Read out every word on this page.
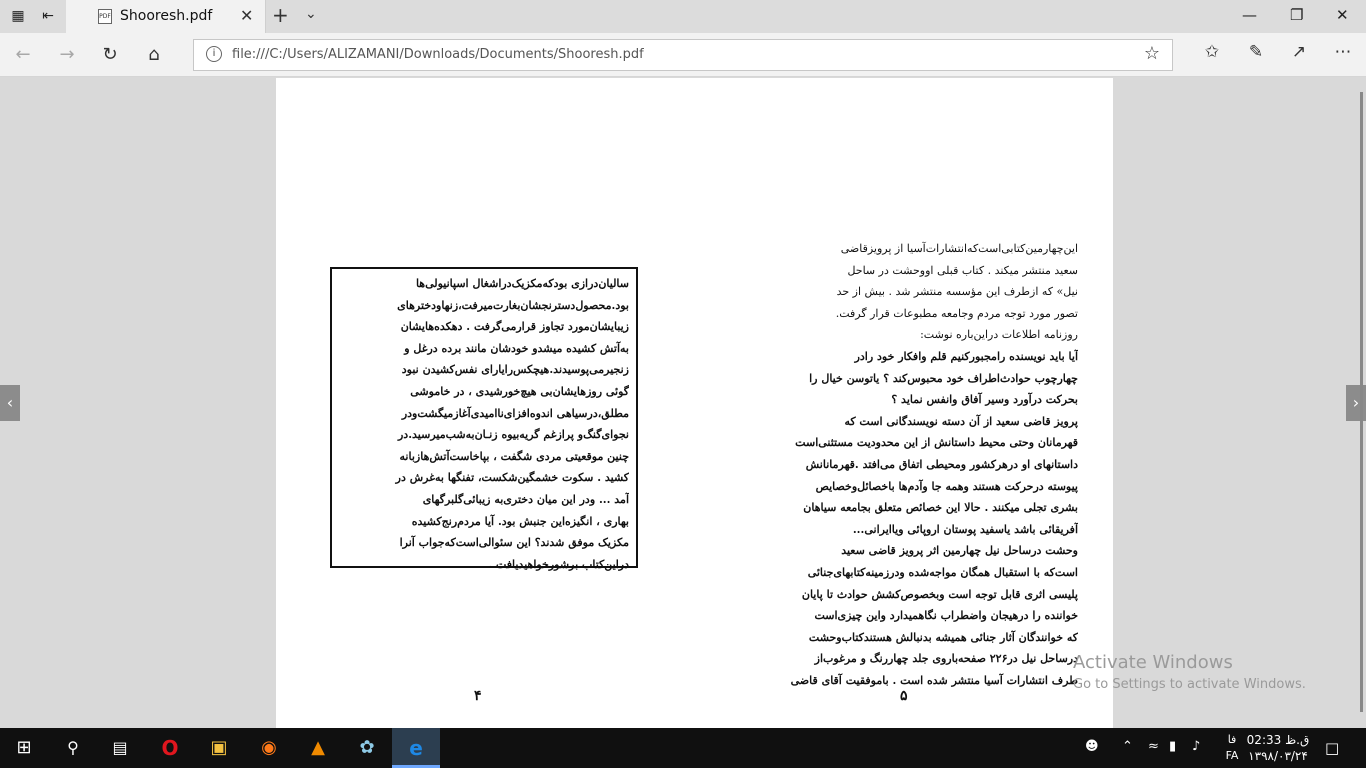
▦	⇤	PDF Shooresh.pdf ✕ + ⌄	— ❐ ✕
←	→	↻	⌂	i	file:///C:/Users/ALIZAMANI/Downloads/Documents/Shooresh.pdf	☆	✩	✎	↗	⋯
‹	›
سالیان‌درازی بودکه‌مکزیک‌دراشغال اسپانیولی‌ها
بود.محصول‌دسترنجشان‌بغارت‌میرفت،زنهاودخترهای
زیبایشان‌مورد تجاوز قرارمی‌گرفت . دهکده‌هایشان
به‌آتش کشیده میشدو خودشان مانند برده درغل و
زنجیرمی‌پوسیدند.هیچکس‌رایارای نفس‌کشیدن نبود
گوئی روزهایشان‌بی هیچ‌خورشیدی ، در خاموشی
مطلق،درسیاهی اندوه‌افزای‌ناامیدی‌آغازمیگشت‌ودر
نجوای‌گنگ‌و پرازغم گریه‌بیوه زنـان‌به‌شب‌میرسید.در
چنین موقعیتی مردی شگفت ، بپاخاست‌آتش‌هازبانه
کشید . سکوت خشمگین‌شکست، تفنگها به‌غرش در
آمد ... ودر این میان دختری‌به زیبائی‌گلبرگهای
بهاری ، انگیزه‌این جنبش بود. آیا مردم‌رنج‌کشیده
مکزیک موفق شدند؟ این سئوالی‌است‌که‌جواب آنرا
دراین‌کتاب برشورخواهیدیافت .
این‌چهارمین‌کتابی‌است‌که‌انتشارات‌آسیا از پرویزقاضی
سعید منتشر میکند . کتاب قبلی اووحشت در ساحل
نیل» که ازطرف این مؤسسه منتشر شد . بیش از حد
تصور مورد توجه مردم وجامعه مطبوعات قرار گرفت.
روزنامه اطلاعات دراین‌باره نوشت:
آیا باید نویسنده رامجبورکنیم قلم وافکار خود رادر
چهارچوب حوادث‌اطراف خود محبوس‌کند ؟ یاتوسن خیال را
بحرکت درآورد وسیر آفاق وانفس نماید ؟
پرویز قاضی سعید از آن دسته نویسندگانی است که
قهرمانان وحتی محیط داستانش از این محدودیت مستثنی‌است
داستانهای او درهرکشور ومحیطی اتفاق می‌افتد .قهرمانانش
پیوسته درحرکت هستند وهمه جا وآدم‌ها باخصائل‌وخصایص
بشری تجلی میکنند . حالا این خصائص متعلق بجامعه سیاهان
آفریقائی باشد یاسفید پوستان اروپائی ویاایرانی...
وحشت درساحل نیل چهارمین اثر پرویز قاضی سعید
است‌که با استقبال همگان مواجه‌شده ودرزمینه‌کتابهای‌جنائی
پلیسی اثری قابل توجه است وبخصوص‌کشش حوادث تا پایان
خواننده را درهیجان واضطراب نگاهمیدارد واین چیزی‌است
که خوانندگان آثار جنائی همیشه بدنبالش هستندکتاب‌وحشت
درساحل نیل در۲۲۶ صفحه‌باروی جلد چهاررنگ و مرغوب‌از
طرف انتشارات آسیا منتشر شده است . باموفقیت آقای قاضی
۴	۵
Activate Windows
Go to Settings to activate Windows.
⊞	⚲	▤ O ▣ ◉	▲	✿	e	☻ ⌃ ≈ ▮ ♪	فا
FA
ق.ظ 02:33
۱۳۹۸/۰۳/۲۴ □
